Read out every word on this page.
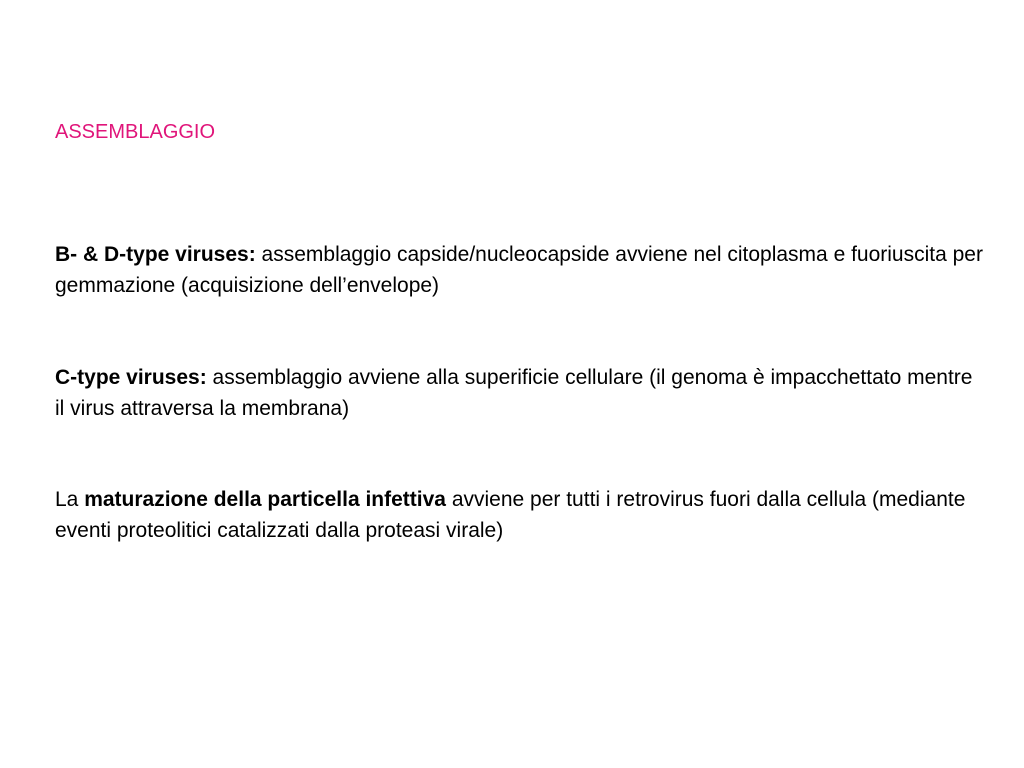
ASSEMBLAGGIO

B- & D-type viruses: assemblaggio capside/nucleocapside avviene nel citoplasma e fuoriuscita per gemmazione (acquisizione dell’envelope)

C-type viruses: assemblaggio avviene alla superificie cellulare (il genoma è impacchettato mentre il virus attraversa la membrana)

La maturazione della particella infettiva avviene per tutti i retrovirus fuori dalla cellula (mediante eventi proteolitici catalizzati dalla proteasi virale)
